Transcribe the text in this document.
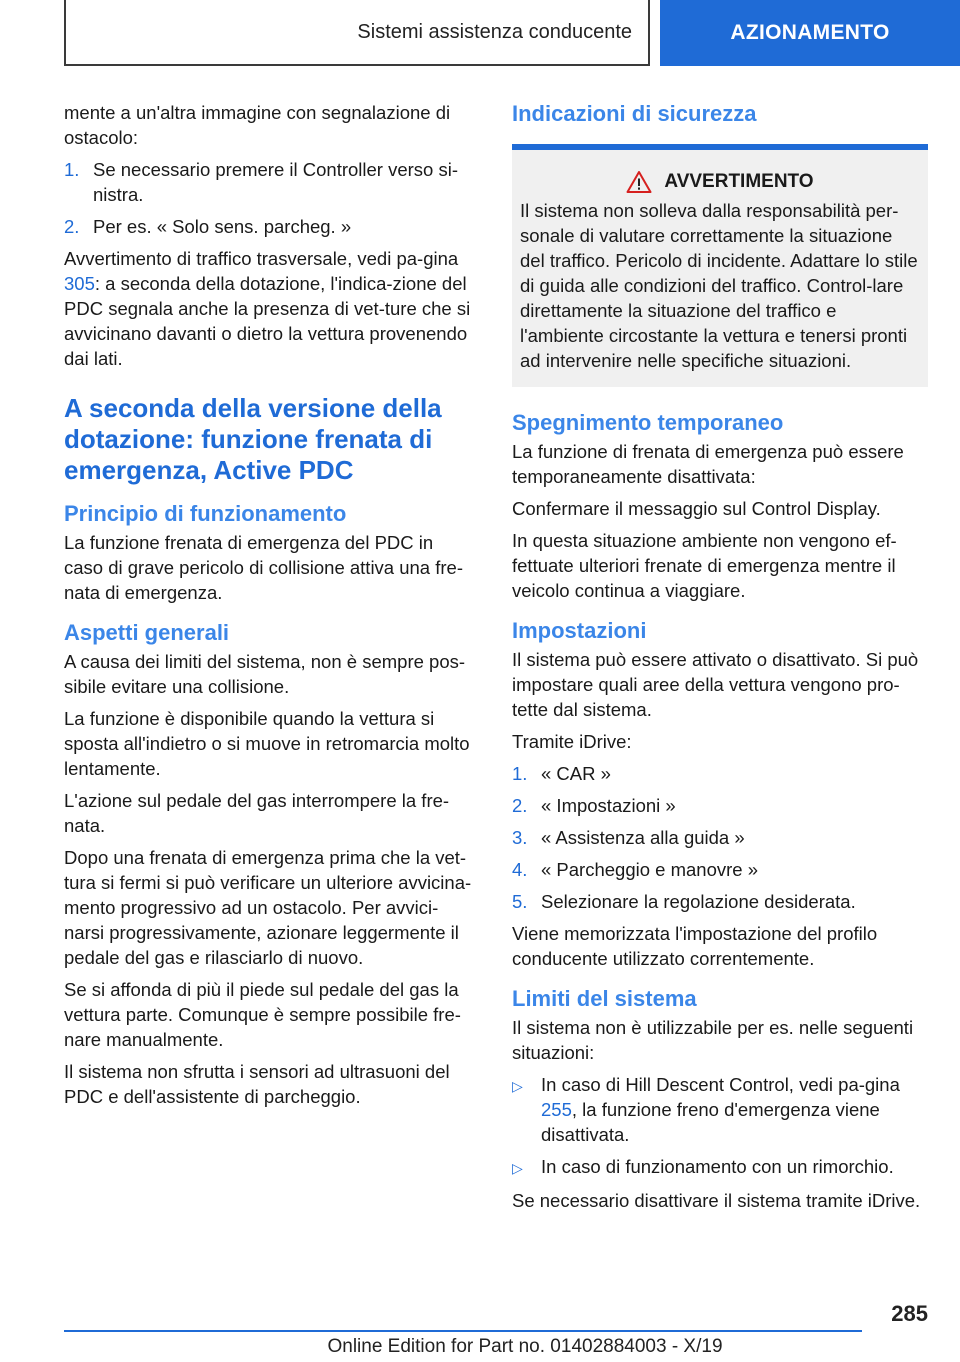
Sistemi assistenza conducente	AZIONAMENTO

mente a un'altra immagine con segnalazione di ostacolo:

1. Se necessario premere il Controller verso si‐nistra.
2. Per es. « Solo sens. parcheg. »

Avvertimento di traffico trasversale, vedi pa‐gina 305: a seconda della dotazione, l'indica‐zione del PDC segnala anche la presenza di vet‐ture che si avvicinano davanti o dietro la vettura provenendo dai lati.

A seconda della versione della dotazione: funzione frenata di emergenza, Active PDC
Principio di funzionamento

La funzione frenata di emergenza del PDC in caso di grave pericolo di collisione attiva una fre‐nata di emergenza.

Aspetti generali

A causa dei limiti del sistema, non è sempre pos‐sibile evitare una collisione.

La funzione è disponibile quando la vettura si sposta all'indietro o si muove in retromarcia molto lentamente.

L'azione sul pedale del gas interrompere la fre‐nata.

Dopo una frenata di emergenza prima che la vet‐tura si fermi si può verificare un ulteriore avvicina‐mento progressivo ad un ostacolo. Per avvici‐narsi progressivamente, azionare leggermente il pedale del gas e rilasciarlo di nuovo.

Se si affonda di più il piede sul pedale del gas la vettura parte. Comunque è sempre possibile fre‐nare manualmente.

Il sistema non sfrutta i sensori ad ultrasuoni del PDC e dell'assistente di parcheggio.

Indicazioni di sicurezza
AVVERTIMENTO

Il sistema non solleva dalla responsabilità per‐sonale di valutare correttamente la situazione del traffico. Pericolo di incidente. Adattare lo stile di guida alle condizioni del traffico. Control‐lare direttamente la situazione del traffico e l'ambiente circostante la vettura e tenersi pronti ad intervenire nelle specifiche situazioni.

Spegnimento temporaneo

La funzione di frenata di emergenza può essere temporaneamente disattivata:

Confermare il messaggio sul Control Display.

In questa situazione ambiente non vengono ef‐fettuate ulteriori frenate di emergenza mentre il veicolo continua a viaggiare.

Impostazioni

Il sistema può essere attivato o disattivato. Si può impostare quali aree della vettura vengono pro‐tette dal sistema.

Tramite iDrive:

1. « CAR »
2. « Impostazioni »
3. « Assistenza alla guida »
4. « Parcheggio e manovre »
5. Selezionare la regolazione desiderata.

Viene memorizzata l'impostazione del profilo conducente utilizzato correntemente.

Limiti del sistema

Il sistema non è utilizzabile per es. nelle seguenti situazioni:

▷ In caso di Hill Descent Control, vedi pa‐gina 255, la funzione freno d'emergenza viene disattivata.
▷ In caso di funzionamento con un rimorchio.

Se necessario disattivare il sistema tramite iDrive.

285
Online Edition for Part no. 01402884003 - X/19
